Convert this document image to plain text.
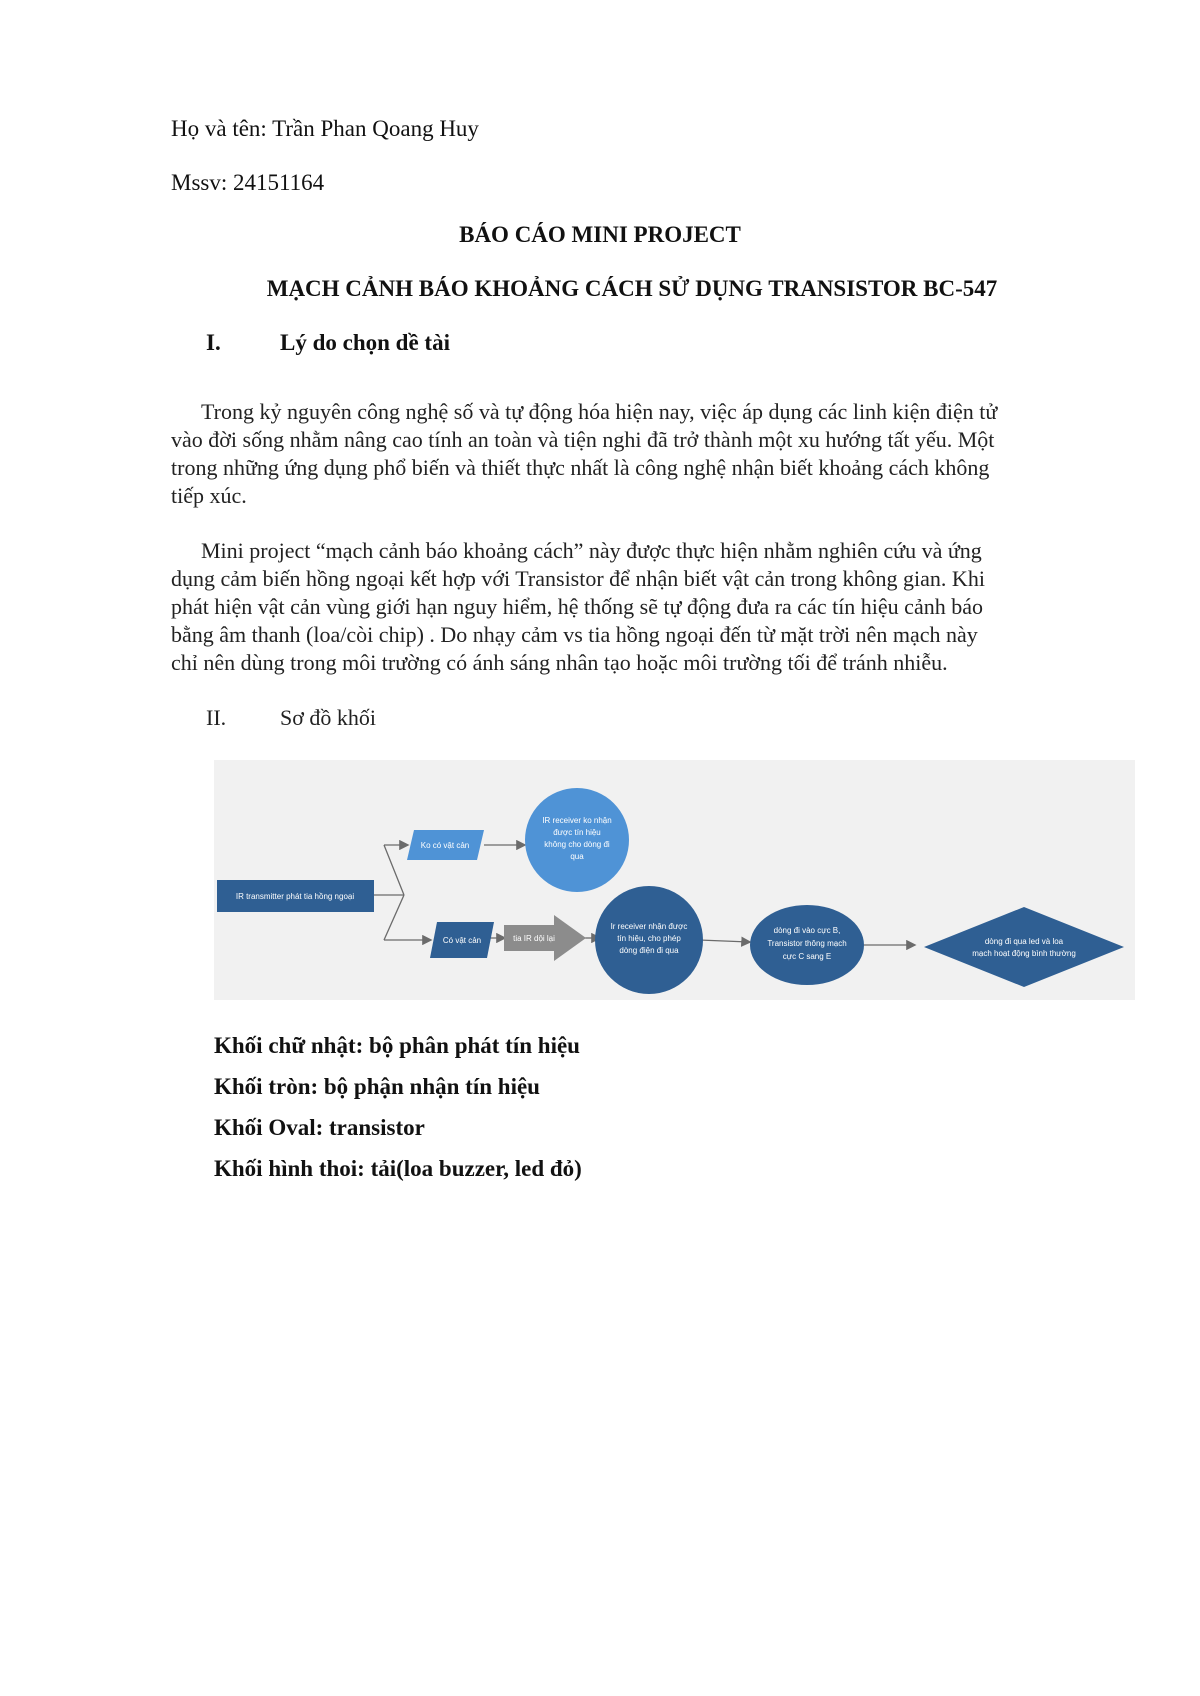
Họ và tên: Trần Phan Qoang Huy
Mssv: 24151164
BÁO CÁO MINI PROJECT
MẠCH CẢNH BÁO KHOẢNG CÁCH SỬ DỤNG TRANSISTOR BC-547
I.	Lý do chọn dề tài
Trong kỷ nguyên công nghệ số và tự động hóa hiện nay, việc áp dụng các linh kiện điện tử
vào đời sống nhằm nâng cao tính an toàn và tiện nghi đã trở thành một xu hướng tất yếu. Một
trong những ứng dụng phổ biến và thiết thực nhất là công nghệ nhận biết khoảng cách không
tiếp xúc.
Mini project “mạch cảnh báo khoảng cách” này được thực hiện nhằm nghiên cứu và ứng
dụng cảm biến hồng ngoại kết hợp với Transistor để nhận biết vật cản trong không gian. Khi
phát hiện vật cản vùng giới hạn nguy hiểm, hệ thống sẽ tự động đưa ra các tín hiệu cảnh báo
bằng âm thanh (loa/còi chip) . Do nhạy cảm vs tia hồng ngoại đến từ mặt trời nên mạch này
chỉ nên dùng trong môi trường có ánh sáng nhân tạo hoặc môi trường tối để tránh nhiễu.
II. Sơ đồ khối
IR transmitter phát tia hồng ngoại
Ko có vật cản
IR receiver ko nhận
được tín hiệu
không cho dòng đi
qua
Có vật cản	tia IR dội lại
Ir receiver nhận được
tín hiệu, cho phép
dòng điện đi qua
dòng đi vào cực B,
Transistor thông mạch
cực C sang E
dòng đi qua led và loa
mạch hoạt động bình thường
Khối chữ nhật: bộ phân phát tín hiệu
Khối tròn: bộ phận nhận tín hiệu
Khối Oval: transistor
Khối hình thoi: tải(loa buzzer, led đỏ)
